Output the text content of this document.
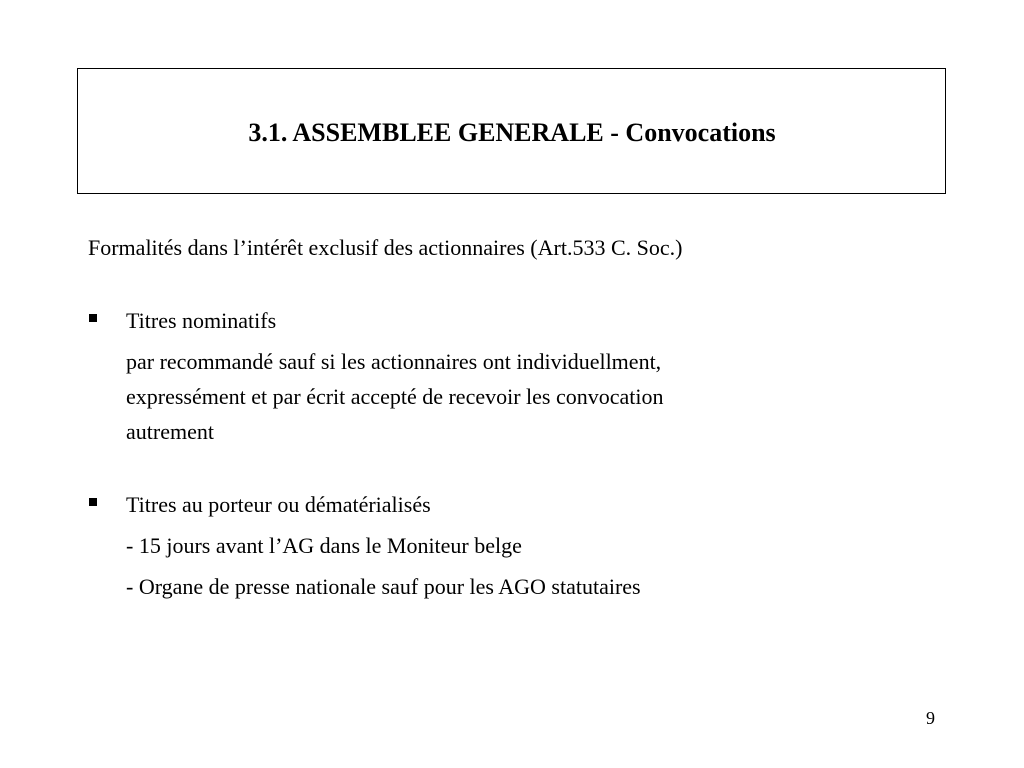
3.1. ASSEMBLEE GENERALE - Convocations

Formalités dans l’intérêt exclusif des actionnaires (Art.533 C. Soc.)

Titres nominatifs
par recommandé sauf si les actionnaires ont individuellment,
expressément et par écrit accepté de recevoir les convocation
autrement
Titres au porteur ou dématérialisés
- 15 jours avant l’AG dans le Moniteur belge
- Organe de presse nationale sauf pour les AGO statutaires
9
